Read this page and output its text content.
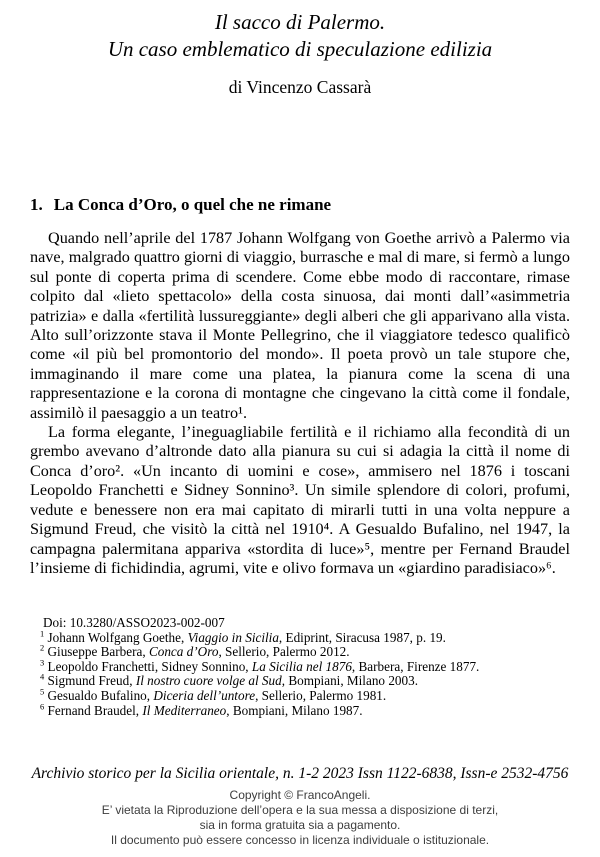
Il sacco di Palermo.
Un caso emblematico di speculazione edilizia
di Vincenzo Cassarà
1. La Conca d’Oro, o quel che ne rimane

Quando nell’aprile del 1787 Johann Wolfgang von Goethe arrivò a Palermo via nave, malgrado quattro giorni di viaggio, burrasche e mal di mare, si fermò a lungo sul ponte di coperta prima di scendere. Come ebbe modo di raccontare, rimase colpito dal «lieto spettacolo» della costa sinuosa, dai monti dall’«asimmetria patrizia» e dalla «fertilità lussureggiante» degli alberi che gli apparivano alla vista. Alto sull’orizzonte stava il Monte Pellegrino, che il viaggiatore tedesco qualificò come «il più bel promontorio del mondo». Il poeta provò un tale stupore che, immaginando il mare come una platea, la pianura come la scena di una rappresentazione e la corona di montagne che cingevano la città come il fondale, assimilò il paesaggio a un teatro¹.

La forma elegante, l’ineguagliabile fertilità e il richiamo alla fecondità di un grembo avevano d’altronde dato alla pianura su cui si adagia la città il nome di Conca d’oro². «Un incanto di uomini e cose», ammisero nel 1876 i toscani Leopoldo Franchetti e Sidney Sonnino³. Un simile splendore di colori, profumi, vedute e benessere non era mai capitato di mirarli tutti in una volta neppure a Sigmund Freud, che visitò la città nel 1910⁴. A Gesualdo Bufalino, nel 1947, la campagna palermitana appariva «stordita di luce»⁵, mentre per Fernand Braudel l’insieme di fichidindia, agrumi, vite e olivo formava un «giardino paradisiaco»⁶.

Doi: 10.3280/ASSO2023-002-007
$^1$ Johann Wolfgang Goethe, Viaggio in Sicilia, Ediprint, Siracusa 1987, p. 19.
$^2$ Giuseppe Barbera, Conca d’Oro, Sellerio, Palermo 2012.
$^3$ Leopoldo Franchetti, Sidney Sonnino, La Sicilia nel 1876, Barbera, Firenze 1877.
$^4$ Sigmund Freud, Il nostro cuore volge al Sud, Bompiani, Milano 2003.
$^5$ Gesualdo Bufalino, Diceria dell’untore, Sellerio, Palermo 1981.
$^6$ Fernand Braudel, Il Mediterraneo, Bompiani, Milano 1987.
Archivio storico per la Sicilia orientale, n. 1-2 2023 Issn 1122-6838, Issn-e 2532-4756
Copyright © FrancoAngeli.
E’ vietata la Riproduzione dell’opera e la sua messa a disposizione di terzi,
sia in forma gratuita sia a pagamento.
Il documento può essere concesso in licenza individuale o istituzionale.
